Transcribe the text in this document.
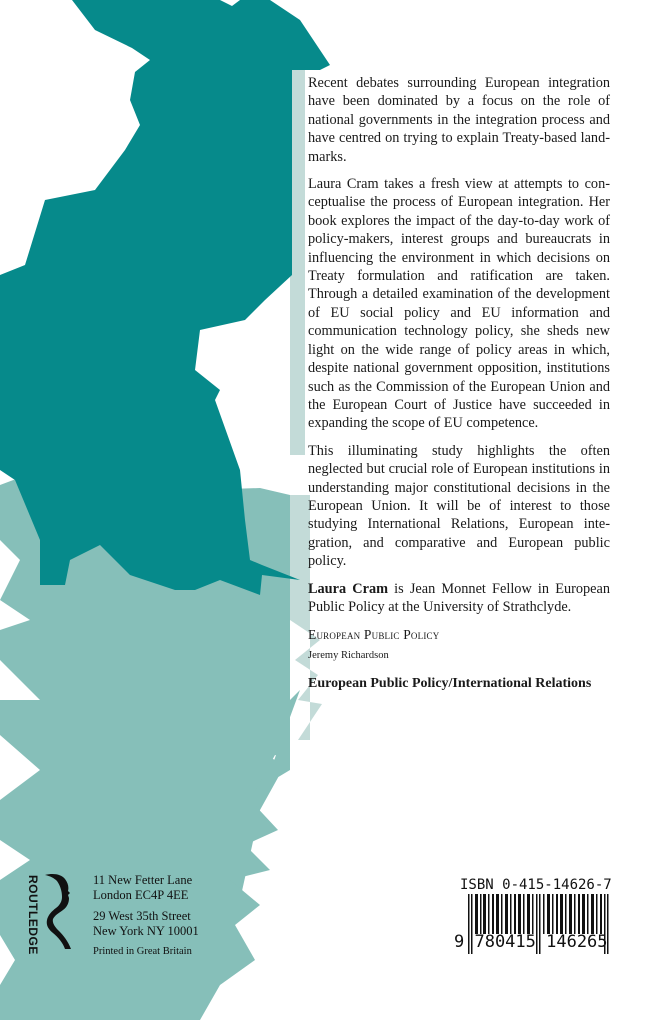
Recent debates surrounding European integration have been dominated by a focus on the role of national governments in the integration process and have centred on trying to explain Treaty-based land-marks.

Laura Cram takes a fresh view at attempts to conceptualise the process of European integration. Her book explores the impact of the day-to-day work of policy-makers, interest groups and bureaucrats in influencing the environment in which decisions on Treaty formulation and ratification are taken. Through a detailed examination of the development of EU social policy and EU information and communication technology policy, she sheds new light on the wide range of policy areas in which, despite national government opposition, institutions such as the Commission of the European Union and the European Court of Justice have succeeded in expanding the scope of EU competence.

This illuminating study highlights the often neglected but crucial role of European institutions in understanding major constitutional decisions in the European Union. It will be of interest to those studying International Relations, European integration, and comparative and European public policy.

Laura Cram is Jean Monnet Fellow in European Public Policy at the University of Strathclyde.

European Public Policy
Jeremy Richardson
European Public Policy/International Relations
ROUTLEDGE	11 New Fetter Lane
London EC4P 4EE
29 West 35th Street
New York NY 10001
Printed in Great Britain
ISBN 0-415-14626-7
9 780415 146265
